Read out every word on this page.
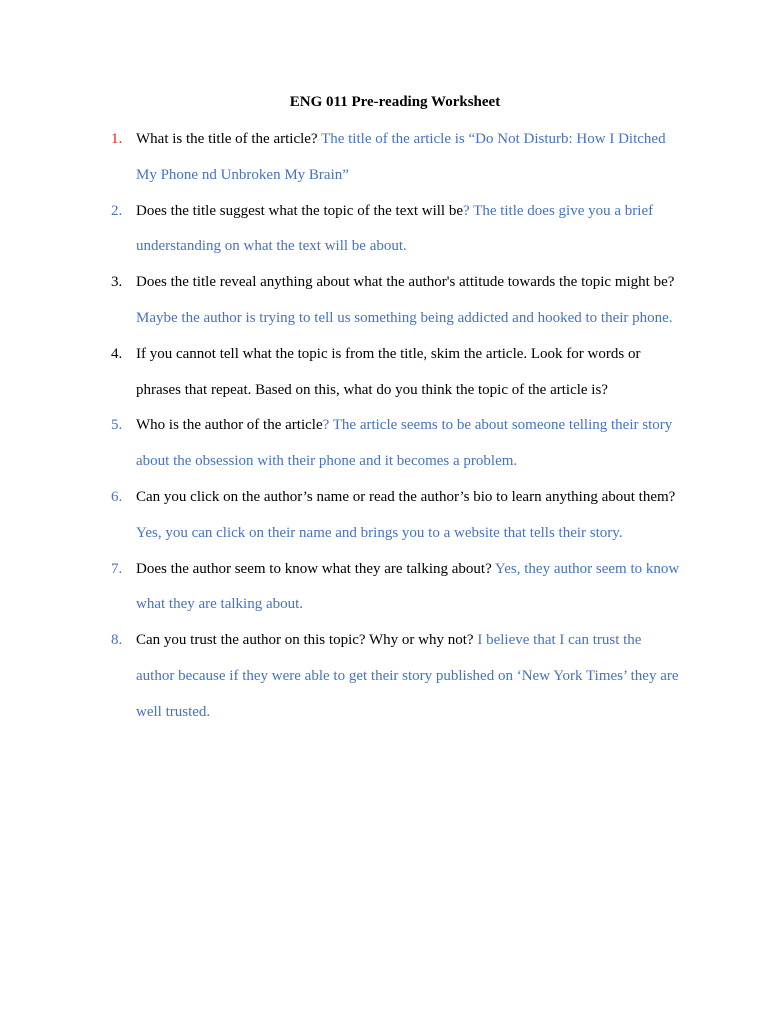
ENG 011 Pre-reading Worksheet
1. What is the title of the article? The title of the article is “Do Not Disturb: How I Ditched My Phone nd Unbroken My Brain”
2. Does the title suggest what the topic of the text will be? The title does give you a brief understanding on what the text will be about.
3. Does the title reveal anything about what the author's attitude towards the topic might be? Maybe the author is trying to tell us something being addicted and hooked to their phone.
4. If you cannot tell what the topic is from the title, skim the article. Look for words or phrases that repeat. Based on this, what do you think the topic of the article is?
5. Who is the author of the article? The article seems to be about someone telling their story about the obsession with their phone and it becomes a problem.
6. Can you click on the author’s name or read the author’s bio to learn anything about them? Yes, you can click on their name and brings you to a website that tells their story.
7. Does the author seem to know what they are talking about? Yes, they author seem to know what they are talking about.
8. Can you trust the author on this topic? Why or why not? I believe that I can trust the author because if they were able to get their story published on ‘New York Times’ they are well trusted.
